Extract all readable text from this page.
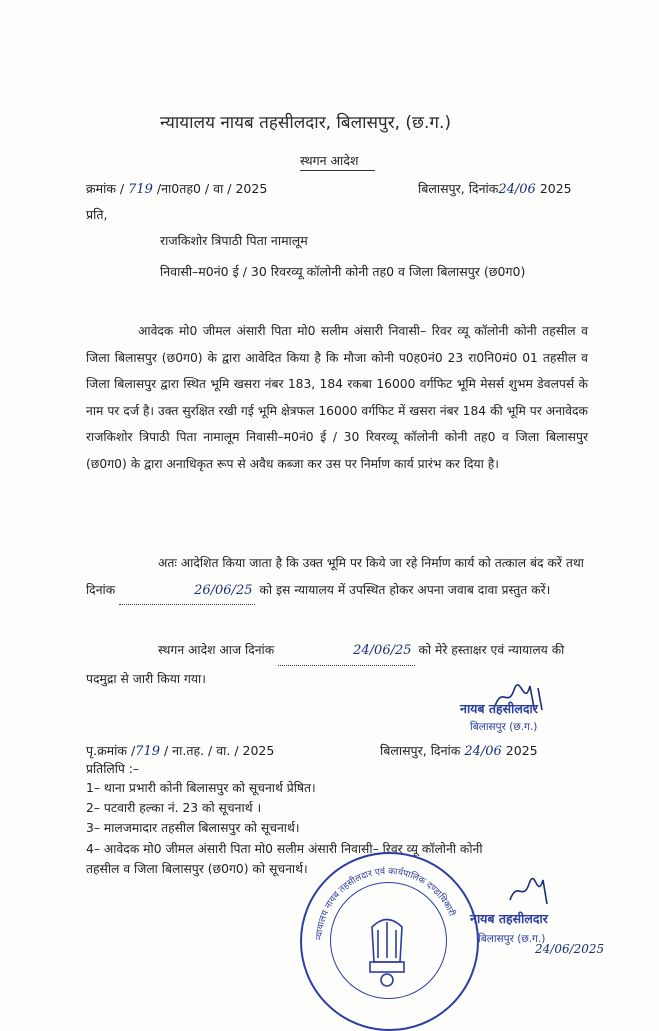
न्यायालय नायब तहसीलदार, बिलासपुर, (छ.ग.)
स्थगन आदेश
क्रमांक / 719 /ना0तह0 / वा / 2025	बिलासपुर, दिनांक24/06 2025
प्रति,
राजकिशोर त्रिपाठी पिता नामालूम
निवासी–म0नं0 ई / 30 रिवरव्यू कॉलोनी कोनी तह0 व जिला बिलासपुर (छ0ग0)
आवेदक मो0 जीमल अंसारी पिता मो0 सलीम अंसारी निवासी– रिवर व्यू कॉलोनी कोनी तहसील व जिला बिलासपुर (छ0ग0) के द्वारा आवेदित किया है कि मौजा कोनी प0ह0नं0 23 रा0नि0मं0 01 तहसील व जिला बिलासपुर द्वारा स्थित भूमि खसरा नंबर 183, 184 रकबा 16000 वर्गफिट भूमि मेसर्स शुभम डेवलपर्स के नाम पर दर्ज है। उक्त सुरक्षित रखी गई भूमि क्षेत्रफल 16000 वर्गफिट में खसरा नंबर 184 की भूमि पर अनावेदक राजकिशोर त्रिपाठी पिता नामालूम निवासी–म0नं0 ई / 30 रिवरव्यू कॉलोनी कोनी तह0 व जिला बिलासपुर (छ0ग0) के द्वारा अनाधिकृत रूप से अवैध कब्जा कर उस पर निर्माण कार्य प्रारंभ कर दिया है।
अतः आदेशित किया जाता है कि उक्त भूमि पर किये जा रहे निर्माण कार्य को तत्काल बंद करें तथा दिनांक	26/06/25 को इस न्यायालय में उपस्थित होकर अपना जवाब दावा प्रस्तुत करें।
स्थगन आदेश आज दिनांक	24/06/25 को मेरे हस्ताक्षर एवं न्यायालय की पदमुद्रा से जारी किया गया।
नायब तहसीलदार
बिलासपुर (छ.ग.)
पृ.क्रमांक /719 / ना.तह. / वा. / 2025	बिलासपुर, दिनांक 24/06 2025
प्रतिलिपि :–
1– थाना प्रभारी कोनी बिलासपुर को सूचनार्थ प्रेषित।
2– पटवारी हल्का नं. 23 को सूचनार्थ ।
3– मालजमादार तहसील बिलासपुर को सूचनार्थ।
4– आवेदक मो0 जीमल अंसारी पिता मो0 सलीम अंसारी निवासी– रिवर व्यू कॉलोनी कोनी
तहसील व जिला बिलासपुर (छ0ग0) को सूचनार्थ।
न्यायालय नायब तहसीलदार एवं कार्यपालिक दण्डाधिकारी नायब तहसीलदार
बिलासपुर (छ.ग.)
24/06/2025
